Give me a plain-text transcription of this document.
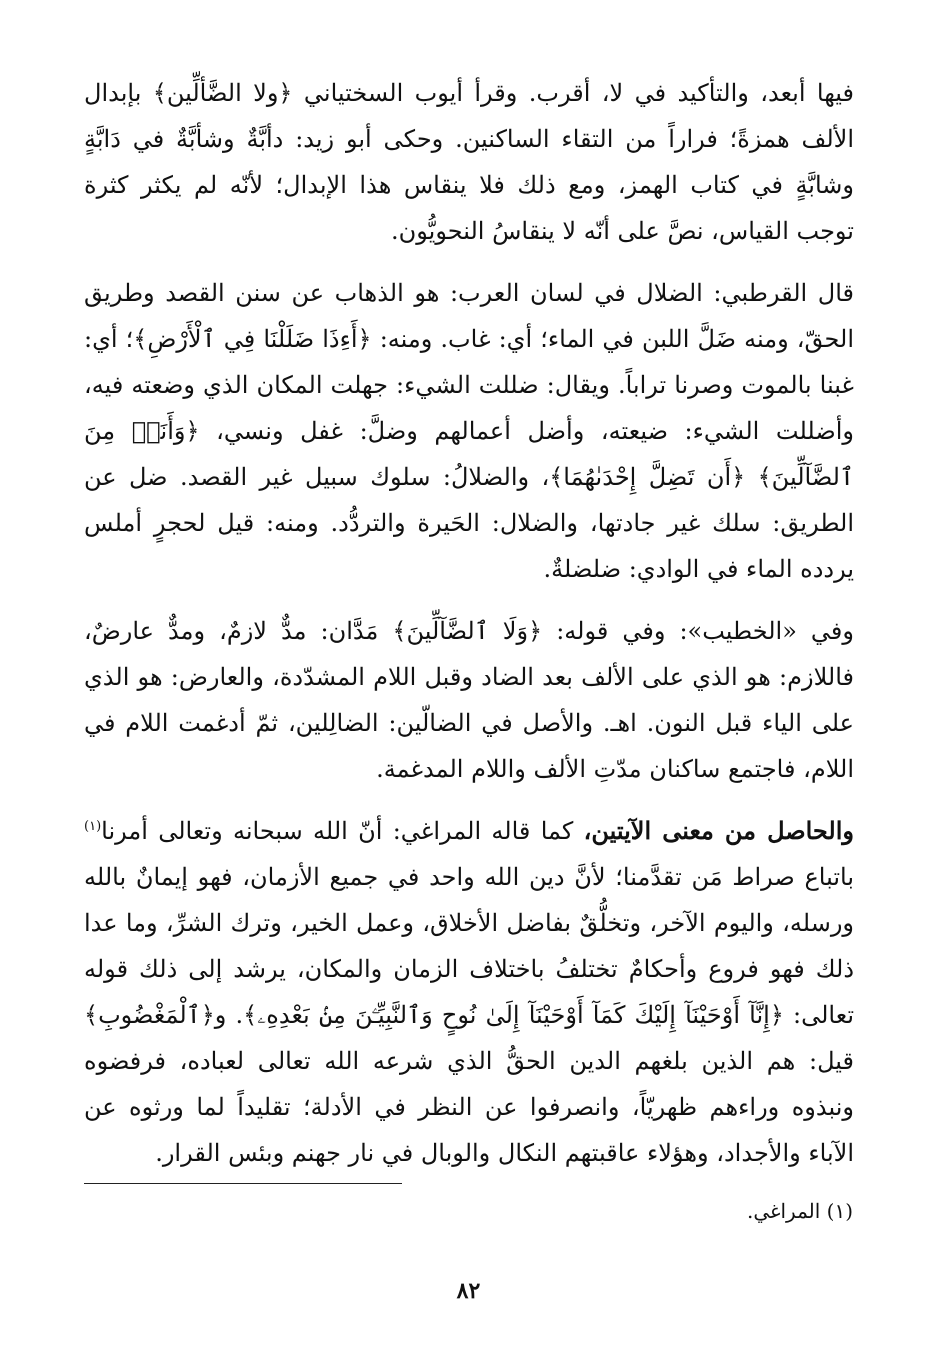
فيها أبعد، والتأكيد في لا، أقرب. وقرأ أيوب السختياني ﴿ولا الضَّألِّين﴾ بإبدال الألف همزةً؛ فراراً من التقاء الساكنين. وحكى أبو زيد: دأبَّةٌ وشأبَّةٌ في دَابَّةٍ وشابَّةٍ في كتاب الهمز، ومع ذلك فلا ينقاس هذا الإبدال؛ لأنّه لم يكثر كثرة توجب القياس، نصَّ على أنّه لا ينقاسُ النحويُّون.

قال القرطبي: الضلال في لسان العرب: هو الذهاب عن سنن القصد وطريق الحقّ، ومنه ضَلَّ اللبن في الماء؛ أي: غاب. ومنه: ﴿أَءِذَا ضَلَلْنَا فِي ٱلْأَرْضِ﴾؛ أي: غبنا بالموت وصرنا تراباً. ويقال: ضللت الشيء: جهلت المكان الذي وضعته فيه، وأضللت الشيء: ضيعته، وأضل أعمالهم وضلَّ: غفل ونسي، ﴿وَأَنَا۠ مِنَ ٱلضَّآلِّينَ﴾ ﴿أَن تَضِلَّ إِحْدَىٰهُمَا﴾، والضلالُ: سلوك سبيل غير القصد. ضل عن الطريق: سلك غير جادتها، والضلال: الحَيرة والتردُّد. ومنه: قيل لحجرٍ أملس يردده الماء في الوادي: ضلضلةٌ.

وفي «الخطيب»: وفي قوله: ﴿وَلَا ٱلضَّآلِّينَ﴾ مَدَّان: مدٌّ لازمٌ، ومدٌّ عارضٌ، فاللازم: هو الذي على الألف بعد الضاد وقبل اللام المشدّدة، والعارض: هو الذي على الياء قبل النون. اهـ. والأصل في الضالّين: الضالِلين، ثمّ أدغمت اللام في اللام، فاجتمع ساكنان مدّتِ الألف واللام المدغمة.

والحاصل من معنى الآيتين، كما قاله المراغي: أنّ الله سبحانه وتعالى أمرنا$^{(١)}$ باتباع صراط مَن تقدَّمنا؛ لأنَّ دين الله واحد في جميع الأزمان، فهو إيمانٌ بالله ورسله، واليوم الآخر، وتخلُّقٌ بفاضل الأخلاق، وعمل الخير، وترك الشرِّ، وما عدا ذلك فهو فروع وأحكامٌ تختلفُ باختلاف الزمان والمكان، يرشد إلى ذلك قوله تعالى: ﴿إِنَّآ أَوْحَيْنَآ إِلَيْكَ كَمَآ أَوْحَيْنَآ إِلَىٰ نُوحٍ وَٱلنَّبِيِّـۧنَ مِنۢ بَعْدِهِۦ﴾. و﴿ٱلْمَغْضُوبِ﴾ قيل: هم الذين بلغهم الدين الحقُّ الذي شرعه الله تعالى لعباده، فرفضوه ونبذوه وراءهم ظهريّاً، وانصرفوا عن النظر في الأدلة؛ تقليداً لما ورثوه عن الآباء والأجداد، وهؤلاء عاقبتهم النكال والوبال في نار جهنم وبئس القرار.

(١) المراغي.
٨٢
